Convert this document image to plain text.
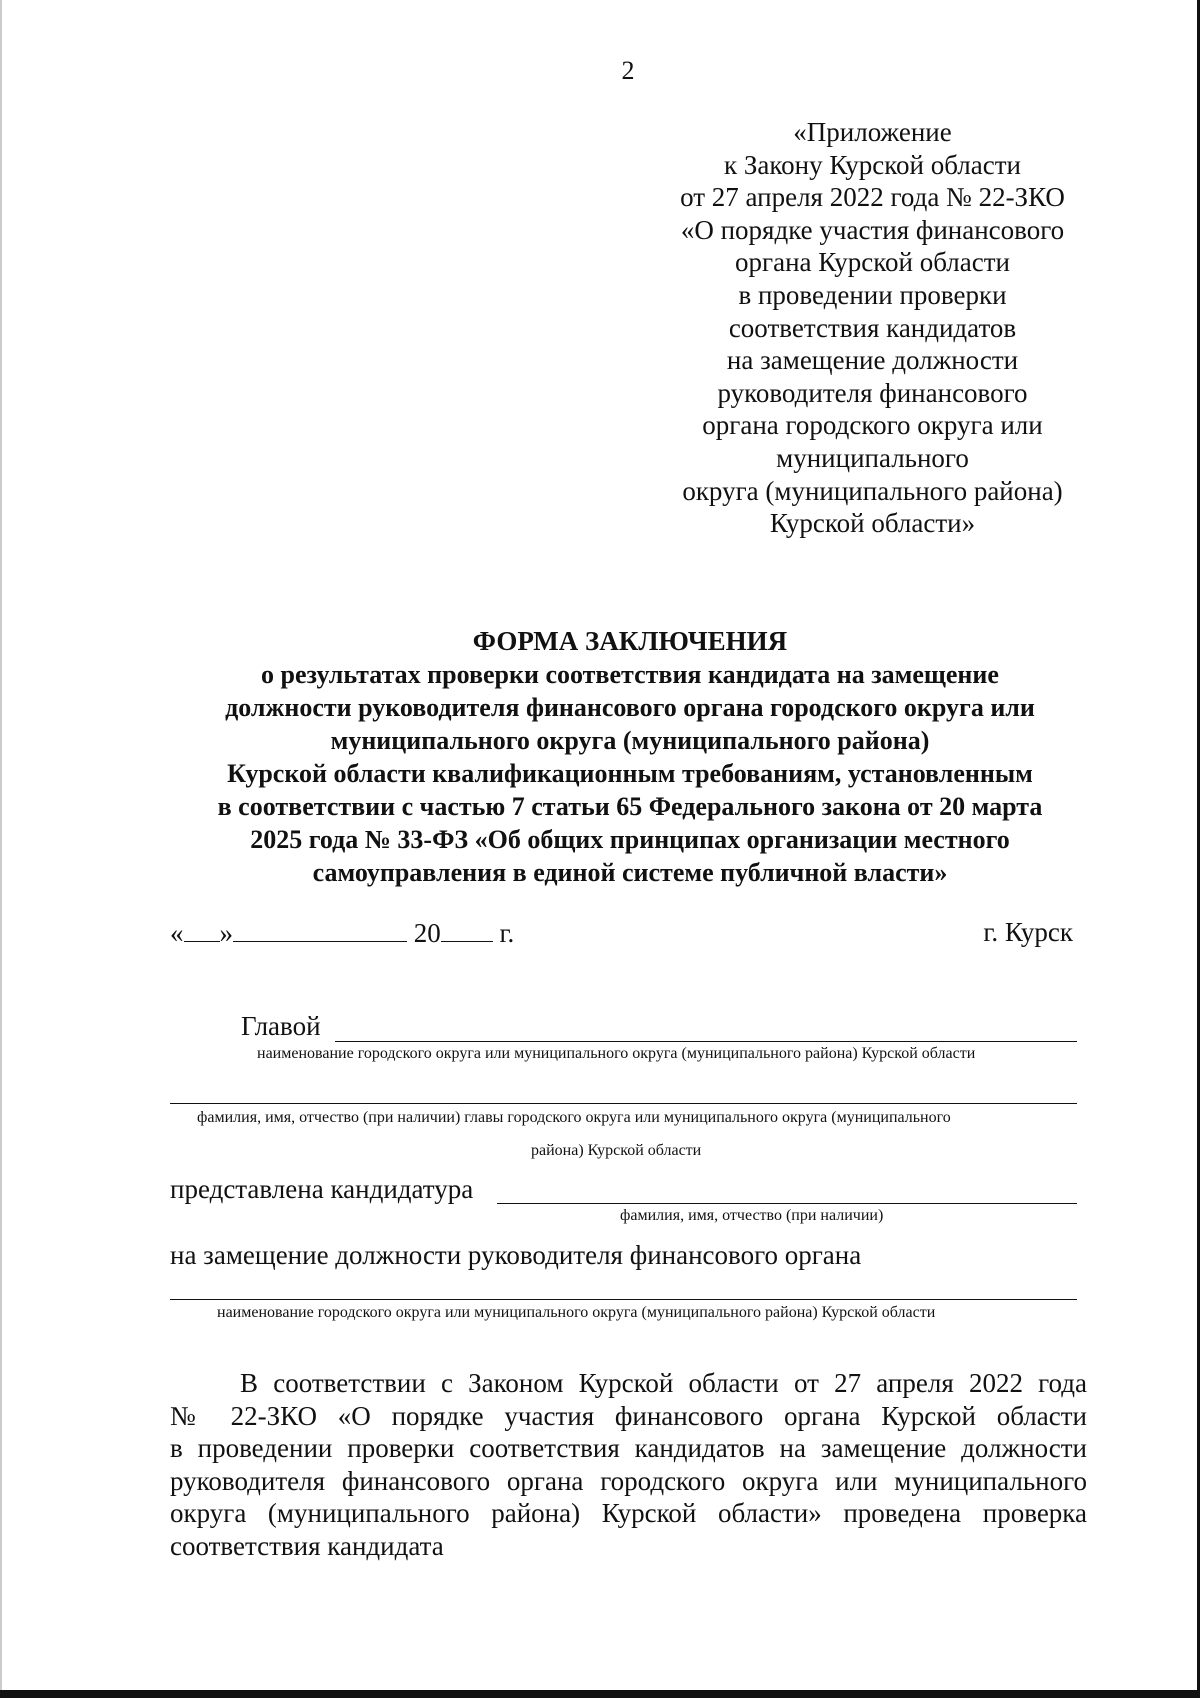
2
«Приложение
к Закону Курской области
от 27 апреля 2022 года № 22-ЗКО
«О порядке участия финансового
органа Курской области
в проведении проверки
соответствия кандидатов
на замещение должности
руководителя финансового
органа городского округа или
муниципального
округа (муниципального района)
Курской области»
ФОРМА ЗАКЛЮЧЕНИЯ
о результатах проверки соответствия кандидата на замещение
должности руководителя финансового органа городского округа или
муниципального округа (муниципального района)
Курской области квалификационным требованиям, установленным
в соответствии с частью 7 статьи 65 Федерального закона от 20 марта
2025 года № 33-ФЗ «Об общих принципах организации местного
самоуправления в единой системе публичной власти»
« »	20 г.	г. Курск
Главой
наименование городского округа или муниципального округа (муниципального района) Курской области
фамилия, имя, отчество (при наличии) главы городского округа или муниципального округа (муниципального
района) Курской области
представлена кандидатура
фамилия, имя, отчество (при наличии)
на замещение должности руководителя финансового органа
наименование городского округа или муниципального округа (муниципального района) Курской области
В соответствии с Законом Курской области от 27 апреля 2022 года
№ 22-ЗКО «О порядке участия финансового органа Курской области
в проведении проверки соответствия кандидатов на замещение должности
руководителя финансового органа городского округа или муниципального
округа (муниципального района) Курской области» проведена проверка
соответствия кандидата
